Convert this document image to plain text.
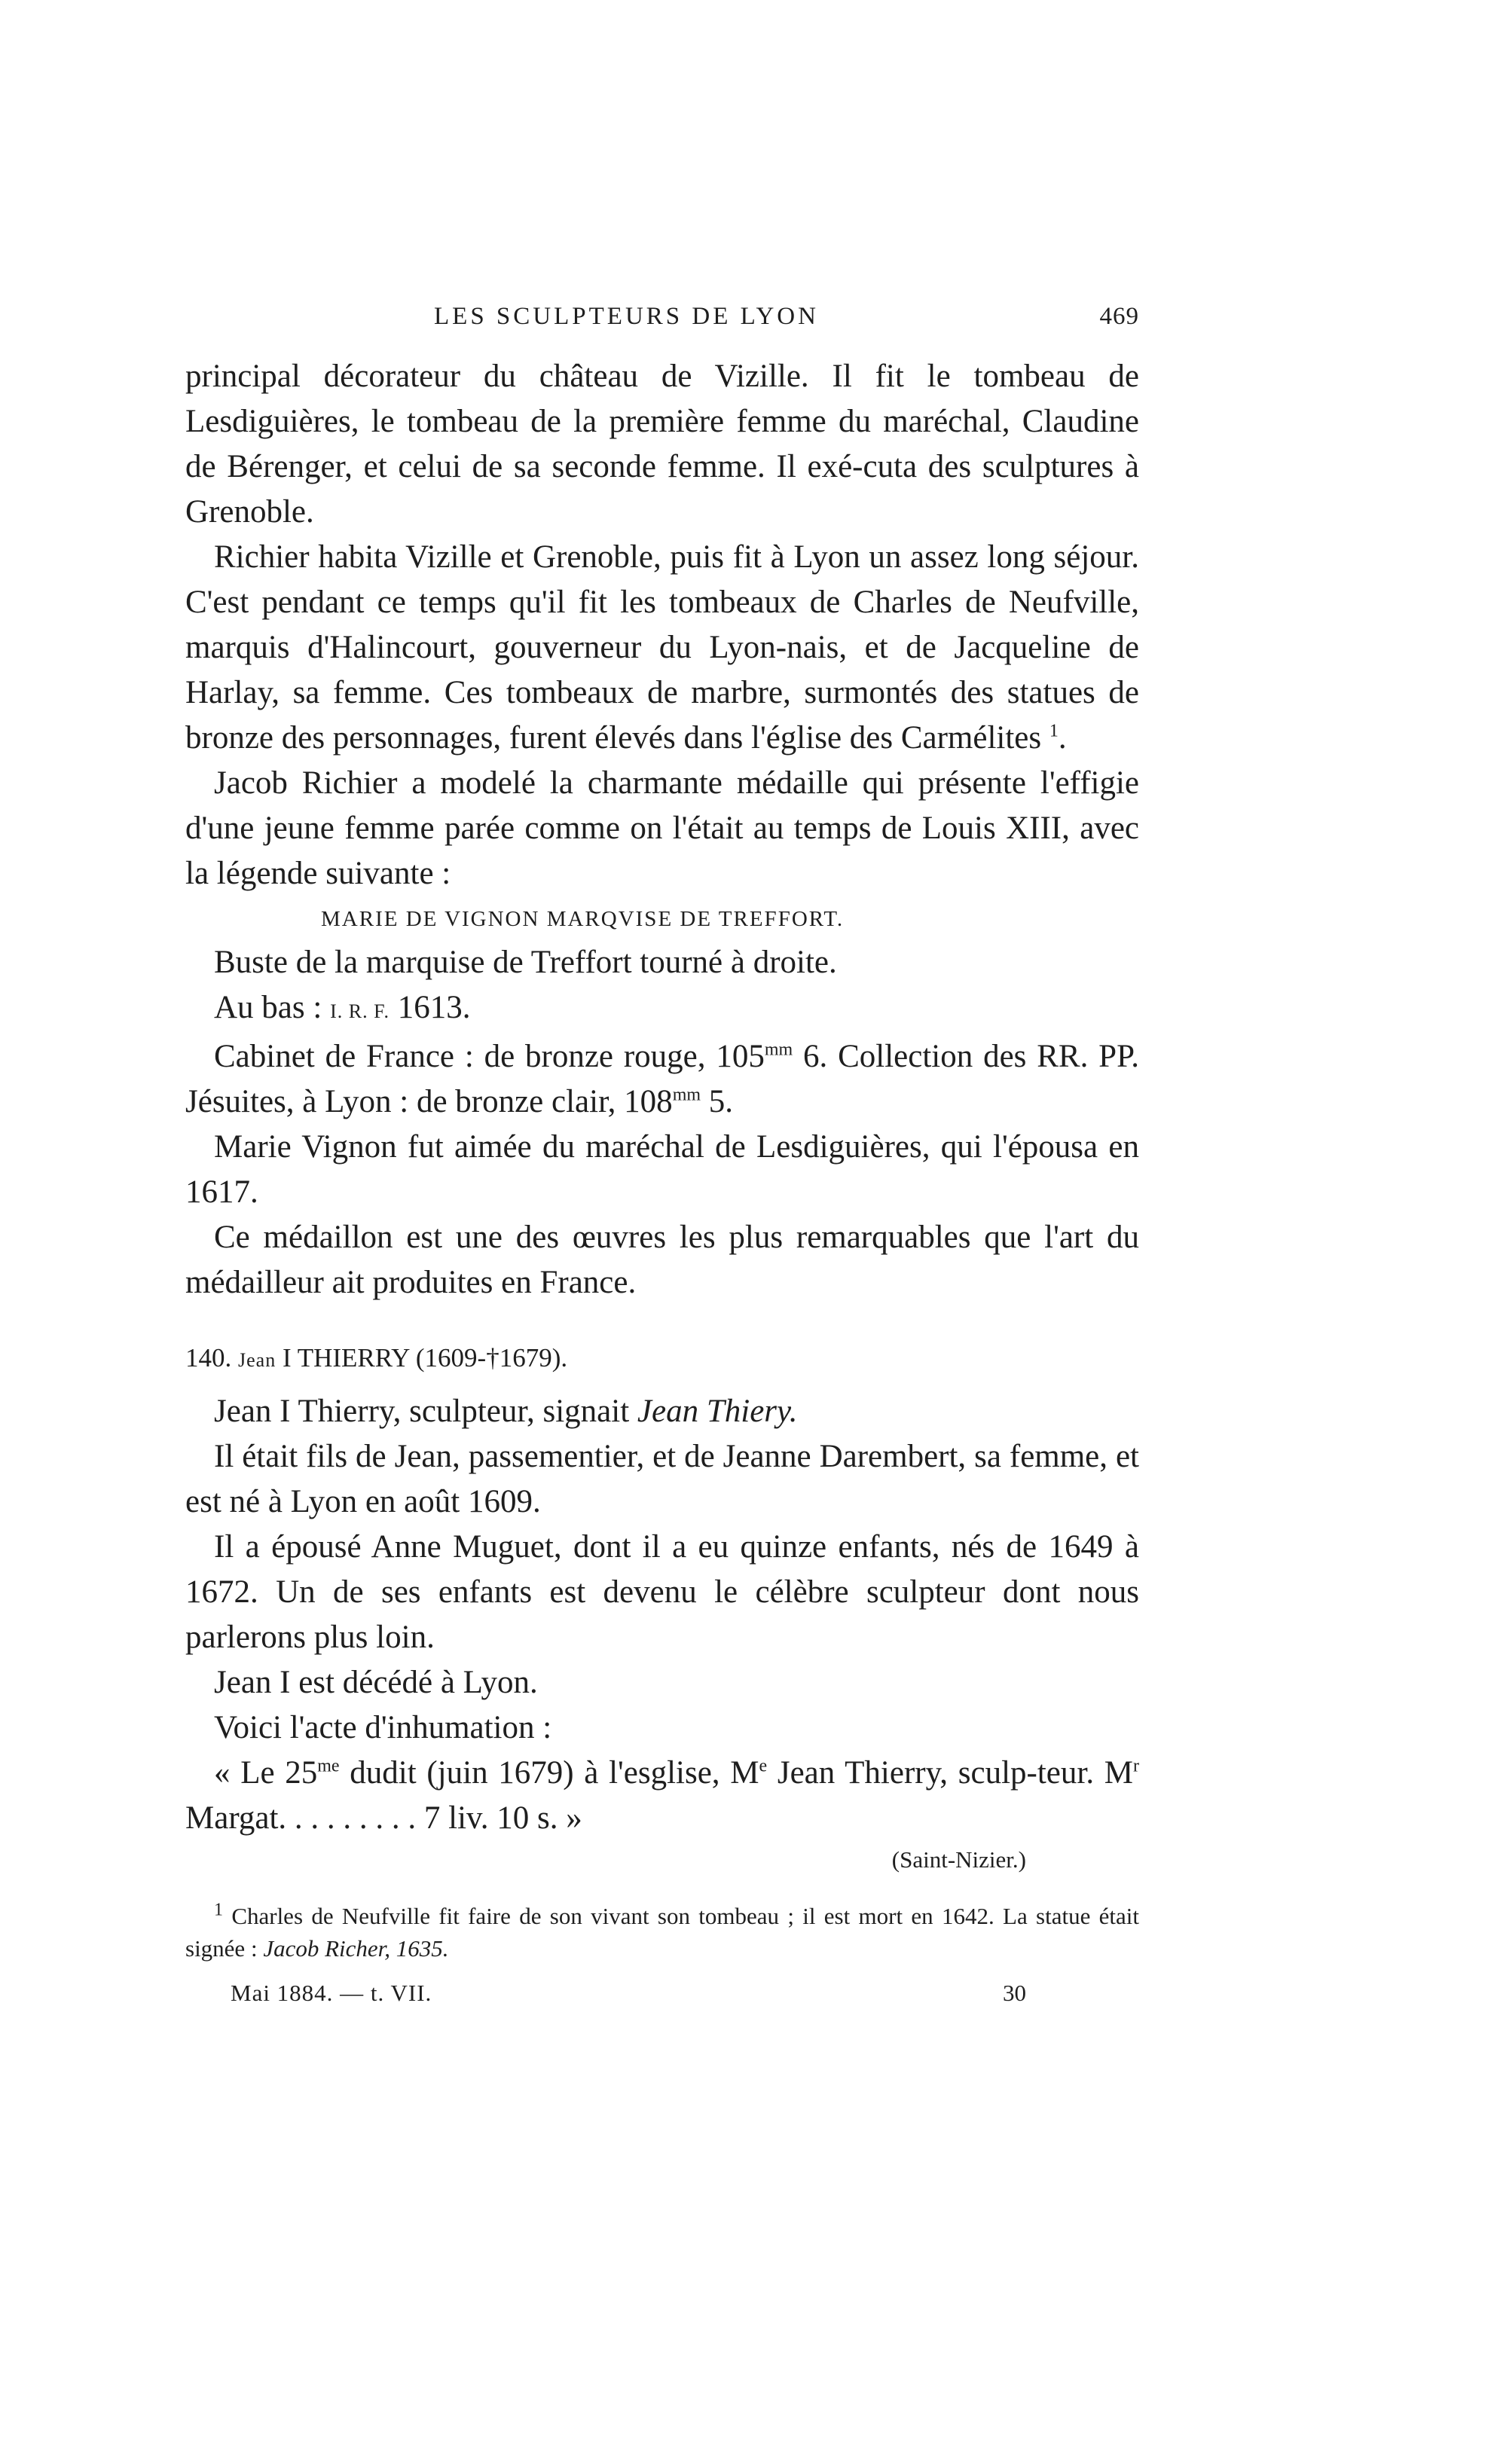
LES SCULPTEURS DE LYON	469

principal décorateur du château de Vizille. Il fit le tombeau de Lesdiguières, le tombeau de la première femme du maréchal, Claudine de Bérenger, et celui de sa seconde femme. Il exé-cuta des sculptures à Grenoble.

Richier habita Vizille et Grenoble, puis fit à Lyon un assez long séjour. C'est pendant ce temps qu'il fit les tombeaux de Charles de Neufville, marquis d'Halincourt, gouverneur du Lyon-nais, et de Jacqueline de Harlay, sa femme. Ces tombeaux de marbre, surmontés des statues de bronze des personnages, furent élevés dans l'église des Carmélites $^1$.

Jacob Richier a modelé la charmante médaille qui présente l'effigie d'une jeune femme parée comme on l'était au temps de Louis XIII, avec la légende suivante :

MARIE DE VIGNON MARQVISE DE TREFFORT.

Buste de la marquise de Treffort tourné à droite.

Au bas : I. R. F. 1613.

Cabinet de France : de bronze rouge, $105^{mm}$ 6. Collection des RR. PP. Jésuites, à Lyon : de bronze clair, $108^{mm}$ 5.

Marie Vignon fut aimée du maréchal de Lesdiguières, qui l'épousa en 1617.

Ce médaillon est une des œuvres les plus remarquables que l'art du médailleur ait produites en France.

140. Jean I THIERRY (1609-†1679).

Jean I Thierry, sculpteur, signait Jean Thiery.

Il était fils de Jean, passementier, et de Jeanne Darembert, sa femme, et est né à Lyon en août 1609.

Il a épousé Anne Muguet, dont il a eu quinze enfants, nés de 1649 à 1672. Un de ses enfants est devenu le célèbre sculpteur dont nous parlerons plus loin.

Jean I est décédé à Lyon.

Voici l'acte d'inhumation :

« Le $25^{me}$ dudit (juin 1679) à l'esglise, Me Jean Thierry, sculp-teur. $M^r$ Margat. . . . . . . . . 7 liv. 10 s. »

(Saint-Nizier.)

$^1$ Charles de Neufville fit faire de son vivant son tombeau ; il est mort en 1642. La statue était signée : Jacob Richer, 1635.

Mai 1884. — t. VII.	30
